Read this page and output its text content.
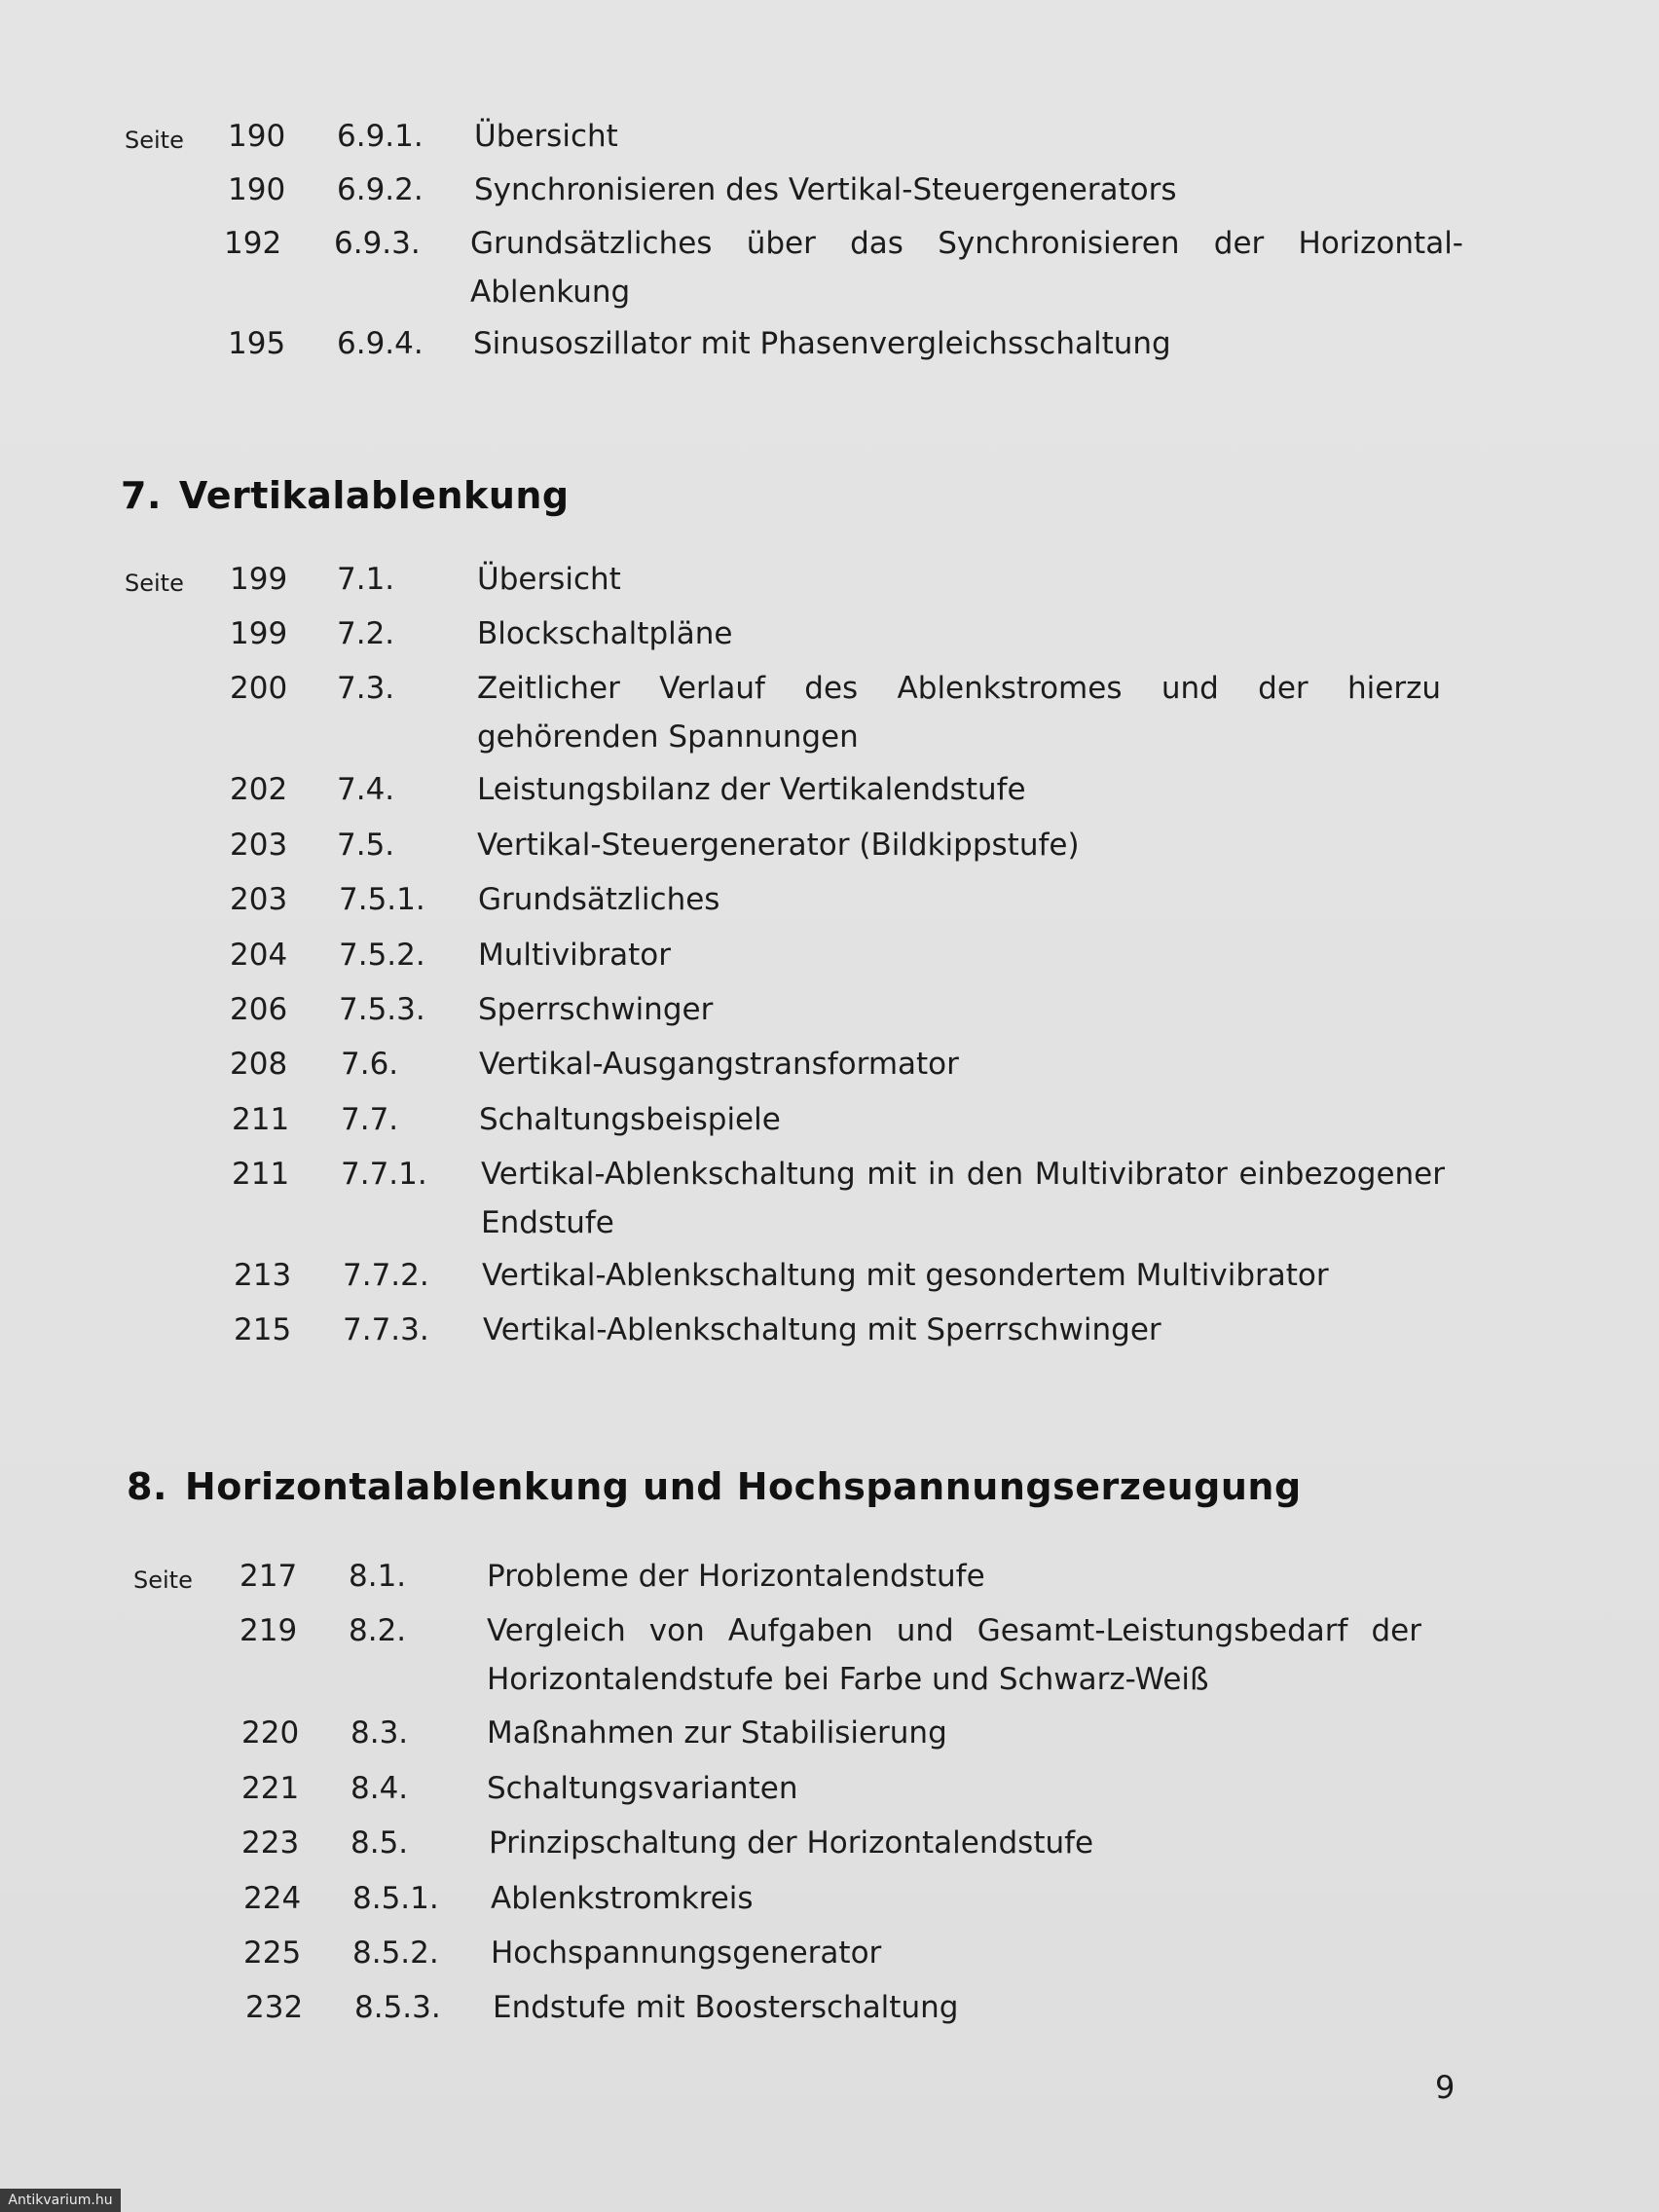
Seite 190 6.9.1. Übersicht
190 6.9.2. Synchronisieren des Vertikal-Steuergenerators
192 6.9.3. Grundsätzliches über das Synchronisieren der Horizontal-Ablenkung
195 6.9.4. Sinusoszillator mit Phasenvergleichsschaltung
7. Vertikalablenkung
Seite 199 7.1.	Übersicht
199 7.2.	Blockschaltpläne
200 7.3.	Zeitlicher Verlauf des Ablenkstromes und der hierzu gehörenden Spannungen
202 7.4.	Leistungsbilanz der Vertikalendstufe
203 7.5.	Vertikal-Steuergenerator (Bildkippstufe)
203 7.5.1. Grundsätzliches
204 7.5.2. Multivibrator
206 7.5.3. Sperrschwinger
208 7.6.	Vertikal-Ausgangstransformator
211 7.7.	Schaltungsbeispiele
211 7.7.1. Vertikal-Ablenkschaltung mit in den Multivibrator einbezogener Endstufe
213 7.7.2. Vertikal-Ablenkschaltung mit gesondertem Multivibrator
215 7.7.3. Vertikal-Ablenkschaltung mit Sperrschwinger
8. Horizontalablenkung und Hochspannungserzeugung
Seite 217 8.1.	Probleme der Horizontalendstufe
219 8.2.	Vergleich von Aufgaben und Gesamt-Leistungsbedarf der Horizontalendstufe bei Farbe und Schwarz-Weiß
220 8.3.	Maßnahmen zur Stabilisierung
221 8.4.	Schaltungsvarianten
223 8.5.	Prinzipschaltung der Horizontalendstufe
224 8.5.1. Ablenkstromkreis
225 8.5.2. Hochspannungsgenerator
232 8.5.3. Endstufe mit Boosterschaltung
9
Antikvarium.hu
